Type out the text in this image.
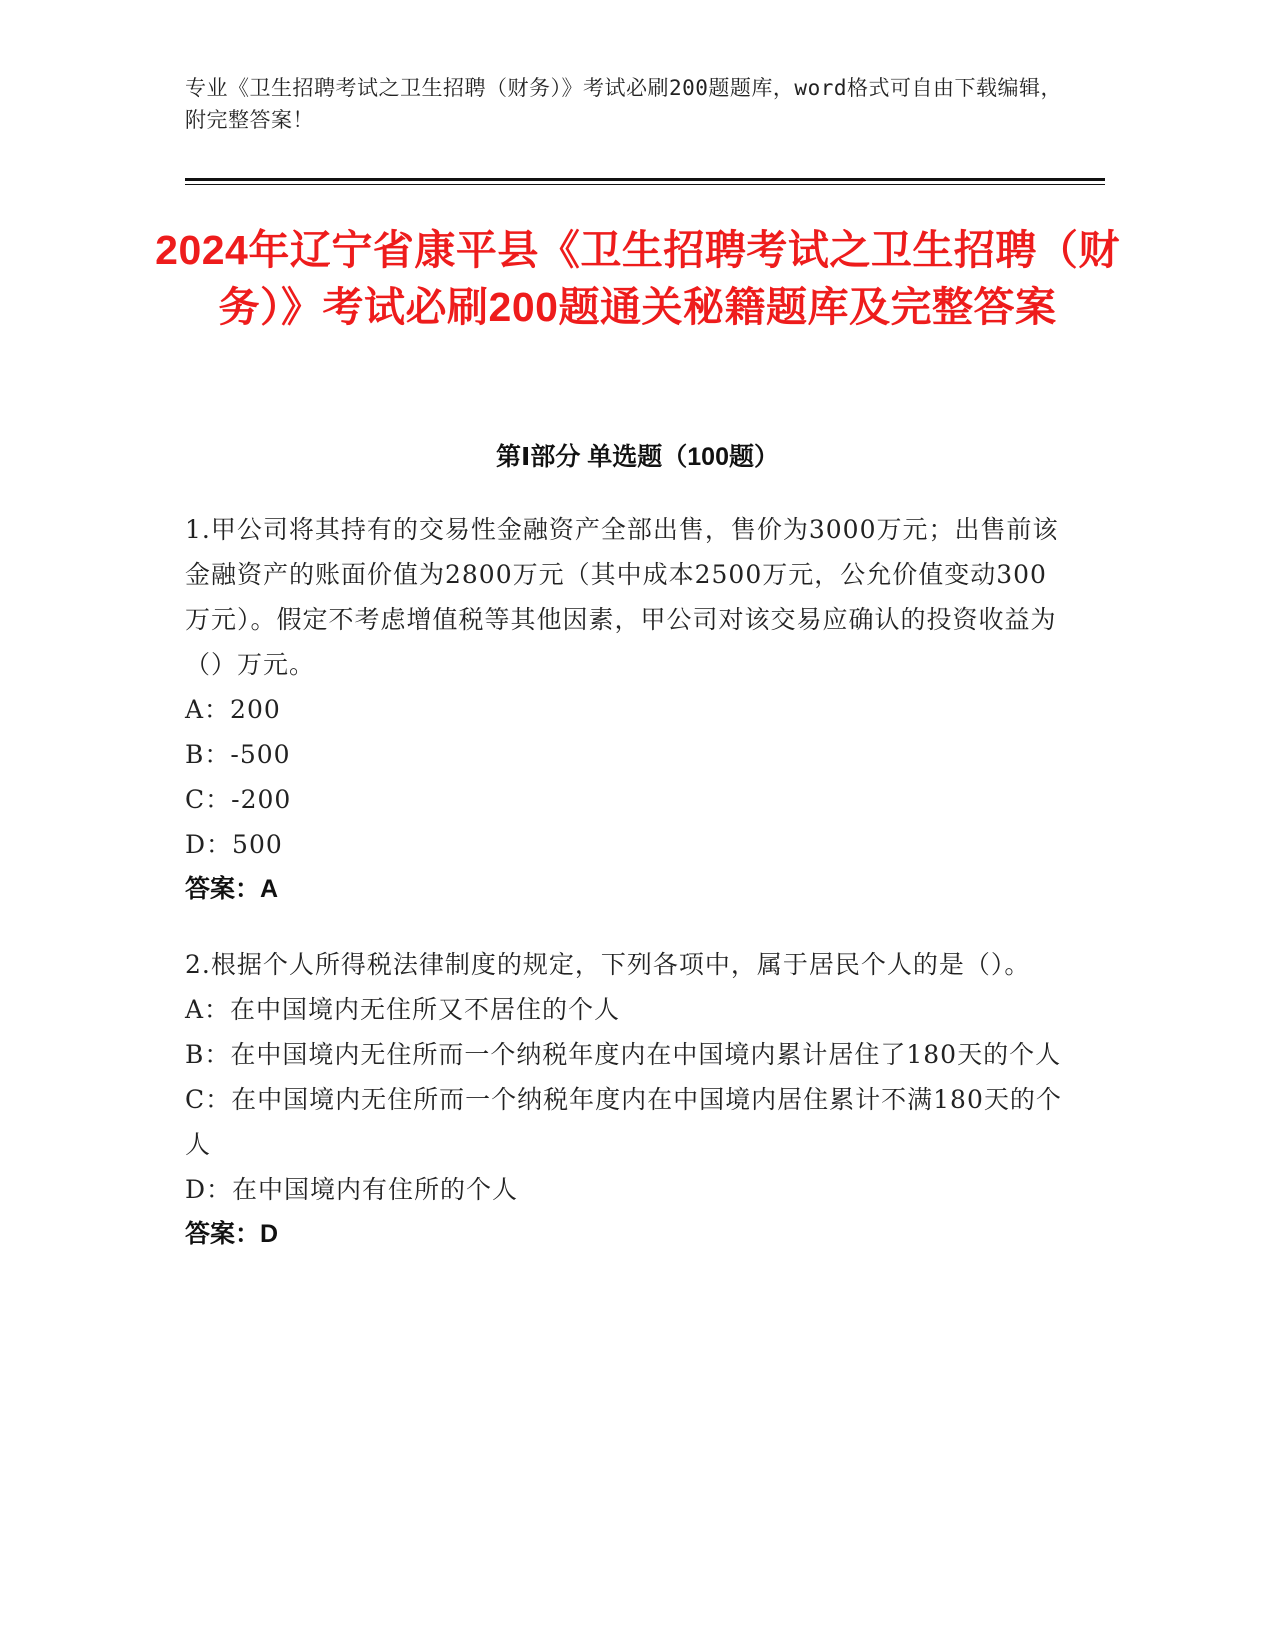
专业《卫生招聘考试之卫生招聘（财务）》考试必刷200题题库，word格式可自由下载编辑，附完整答案！

2024年辽宁省康平县《卫生招聘考试之卫生招聘（财务）》考试必刷200题通关秘籍题库及完整答案
第Ⅰ部分 单选题（100题）

1.甲公司将其持有的交易性金融资产全部出售，售价为3000万元；出售前该金融资产的账面价值为2800万元（其中成本2500万元，公允价值变动300万元）。假定不考虑增值税等其他因素，甲公司对该交易应确认的投资收益为（）万元。

A：200

B：-500

C：-200

D：500

答案：A

2.根据个人所得税法律制度的规定，下列各项中，属于居民个人的是（）。

A：在中国境内无住所又不居住的个人

B：在中国境内无住所而一个纳税年度内在中国境内累计居住了180天的个人

C：在中国境内无住所而一个纳税年度内在中国境内居住累计不满180天的个人

D：在中国境内有住所的个人

答案：D
